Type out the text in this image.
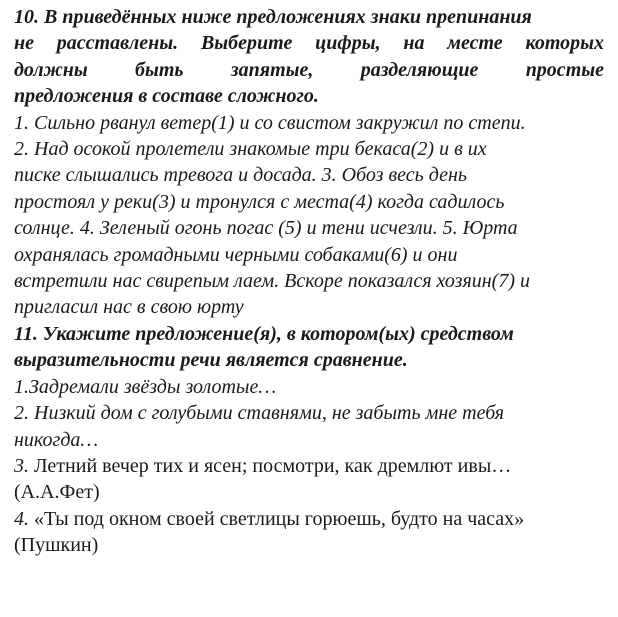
10. В приведённых ниже предложениях знаки препинания
не расставлены. Выберите цифры, на месте которых
должны быть запятые, разделяющие простые
предложения в составе сложного.
1. Сильно рванул ветер(1) и со свистом закружил по степи.
2. Над осокой пролетели знакомые три бекаса(2) и в их
писке слышались тревога и досада. 3. Обоз весь день
простоял у реки(3) и тронулся с места(4) когда садилось
солнце. 4. Зеленый огонь погас (5) и тени исчезли. 5. Юрта
охранялась громадными черными собаками(6) и они
встретили нас свирепым лаем. Вскоре показался хозяин(7) и
пригласил нас в свою юрту
11. Укажите предложение(я), в котором(ых) средством
выразительности речи является сравнение.
1.Задремали звёзды золотые…
2. Низкий дом с голубыми ставнями, не забыть мне тебя
никогда…
3. Летний вечер тих и ясен; посмотри, как дремлют ивы…
(А.А.Фет)
4. «Ты под окном своей светлицы горюешь, будто на часах»
(Пушкин)
